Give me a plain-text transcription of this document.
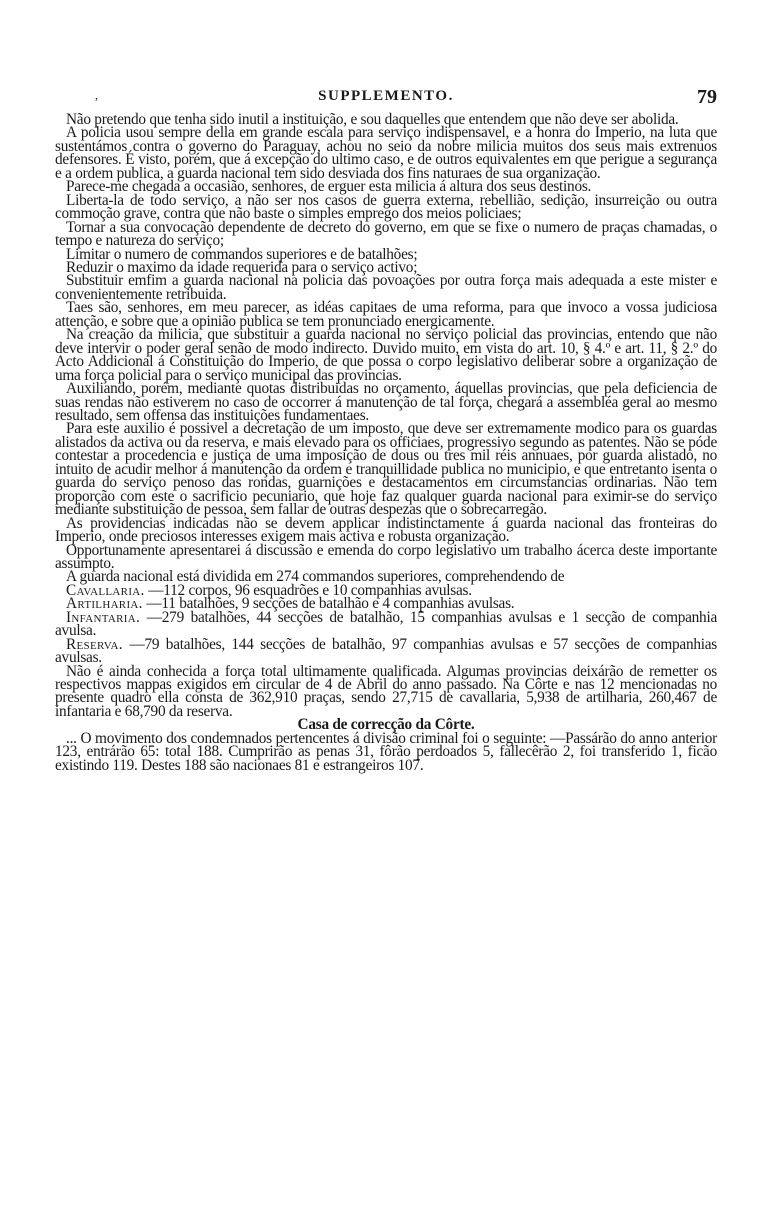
,	SUPPLEMENTO.	79

Não pretendo que tenha sido inutil a instituição, e sou daquelles que entendem que não deve ser abolida.

A policia usou sempre della em grande escala para serviço indispensavel, e a honra do Imperio, na luta que sustentámos contra o governo do Paraguay, achou no seio da nobre milicia muitos dos seus mais extrenuos defensores. É visto, porém, que á excepção do ultimo caso, e de outros equivalentes em que perigue a segurança e a ordem publica, a guarda nacional tem sido desviada dos fins naturaes de sua organização.

Parece-me chegada a occasião, senhores, de erguer esta milicia á altura dos seus destinos.

Liberta-la de todo serviço, a não ser nos casos de guerra externa, rebellião, sedição, insurreição ou outra commoção grave, contra que não baste o simples emprego dos meios policiaes;

Tornar a sua convocação dependente de decreto do governo, em que se fixe o numero de praças chamadas, o tempo e natureza do serviço;

Limitar o numero de commandos superiores e de batalhões;

Reduzir o maximo da idade requerida para o serviço activo;

Substituir emfim a guarda nacional na policia das povoações por outra força mais adequada a este mister e convenientemente retribuida.

Taes são, senhores, em meu parecer, as idéas capitaes de uma reforma, para que invoco a vossa judiciosa attenção, e sobre que a opinião publica se tem pronunciado energicamente.

Na creação da milicia, que substituir a guarda nacional no serviço policial das provincias, entendo que não deve intervir o poder geral senão de modo indirecto. Duvido muito, em vista do art. 10, § 4.º e art. 11, § 2.º do Acto Addicional á Constituição do Imperio, de que possa o corpo legislativo deliberar sobre a organização de uma força policial para o serviço municipal das provincias.

Auxiliando, porém, mediante quotas distribuidas no orçamento, áquellas provincias, que pela deficiencia de suas rendas não estiverem no caso de occorrer á manutenção de tal força, chegará a assembléa geral ao mesmo resultado, sem offensa das instituições fundamentaes.

Para este auxilio é possivel a decretação de um imposto, que deve ser extremamente modico para os guardas alistados da activa ou da reserva, e mais elevado para os officiaes, progressivo segundo as patentes. Não se póde contestar a procedencia e justiça de uma imposição de dous ou tres mil réis annuaes, por guarda alistado, no intuito de acudir melhor á manutenção da ordem e tranquillidade publica no municipio, e que entretanto isenta o guarda do serviço penoso das rondas, guarnições e destacamentos em circumstancias ordinarias. Não tem proporção com este o sacrificio pecuniario, que hoje faz qualquer guarda nacional para eximir-se do serviço mediante substituição de pessoa, sem fallar de outras despezas que o sobrecarregão.

As providencias indicadas não se devem applicar indistinctamente á guarda nacional das fronteiras do Imperio, onde preciosos interesses exigem mais activa e robusta organização.

Opportunamente apresentarei á discussão e emenda do corpo legislativo um trabalho ácerca deste importante assumpto.

A guarda nacional está dividida em 274 commandos superiores, comprehendendo de

Cavallaria. —112 corpos, 96 esquadrões e 10 companhias avulsas.

Artilharia. —11 batalhões, 9 secções de batalhão e 4 companhias avulsas.

Infantaria. —279 batalhões, 44 secções de batalhão, 15 companhias avulsas e 1 secção de companhia avulsa.

Reserva. —79 batalhões, 144 secções de batalhão, 97 companhias avulsas e 57 secções de companhias avulsas.

Não é ainda conhecida a força total ultimamente qualificada. Algumas provincias deixárão de remetter os respectivos mappas exigidos em circular de 4 de Abril do anno passado. Na Côrte e nas 12 mencionadas no presente quadro ella consta de 362,910 praças, sendo 27,715 de cavallaria, 5,938 de artilharia, 260,467 de infantaria e 68,790 da reserva.

Casa de correcção da Côrte.

... O movimento dos condemnados pertencentes á divisão criminal foi o seguinte: —Passárão do anno anterior 123, entrárão 65: total 188. Cumprirão as penas 31, fôrão perdoados 5, fallecêrão 2, foi transferido 1, ficão existindo 119. Destes 188 são nacionaes 81 e estrangeiros 107.
